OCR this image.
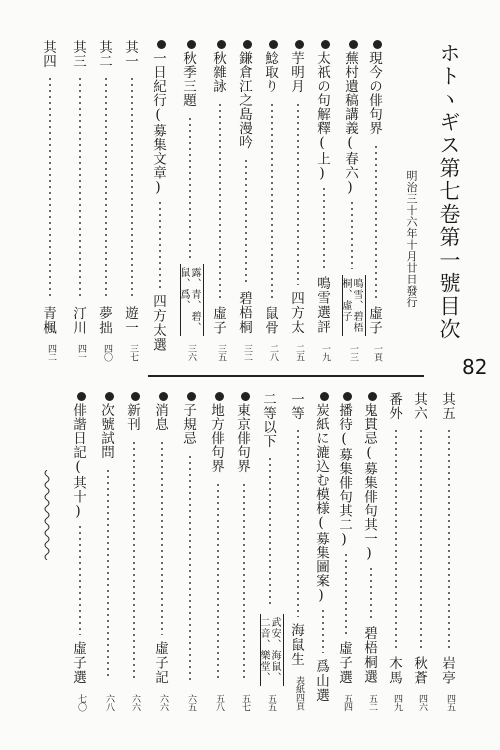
ホトヽギス第七卷第一號目次
明治三十六年十月廿日發行
82
現今の俳句界
一頁
虛子
蕪村遺稿講義(春六)
一三
鳴雪、碧梧
桐、虛子
太祇の句解釋(上)
一九
鳴雪選評
芋明月
二五
四方太
鯰取り
二八
鼠骨
鎌倉江之島漫吟
三二
碧梧桐
秋雜詠
三五
虛子
秋季三題
三六
露、青、碧、
鼠、爲、
一日紀行(募集文章)
四方太選
其一
三七
遊一
其二
四〇
夢拙
其三
四一
汀川
其四
四二
青楓
其五
四五
岩亭
其六
四六
秋蒼
番外
四九
木馬
鬼貫忌(募集俳句其一)
五二
碧梧桐選
播待(募集俳句其二)
五四
虛子選
炭紙に漉込む模様(募集圖案)
爲山選
一等
表紙四頁
海鼠生
二等以下
五五
武安、海鼠、
二音、樂堂、
東京俳句界
五七
地方俳句界
五八
子規忌
六五
消息
六六
虛子記
新刊
六六
次號試問
六八
俳諧日記(其十)
七〇
虛子選
